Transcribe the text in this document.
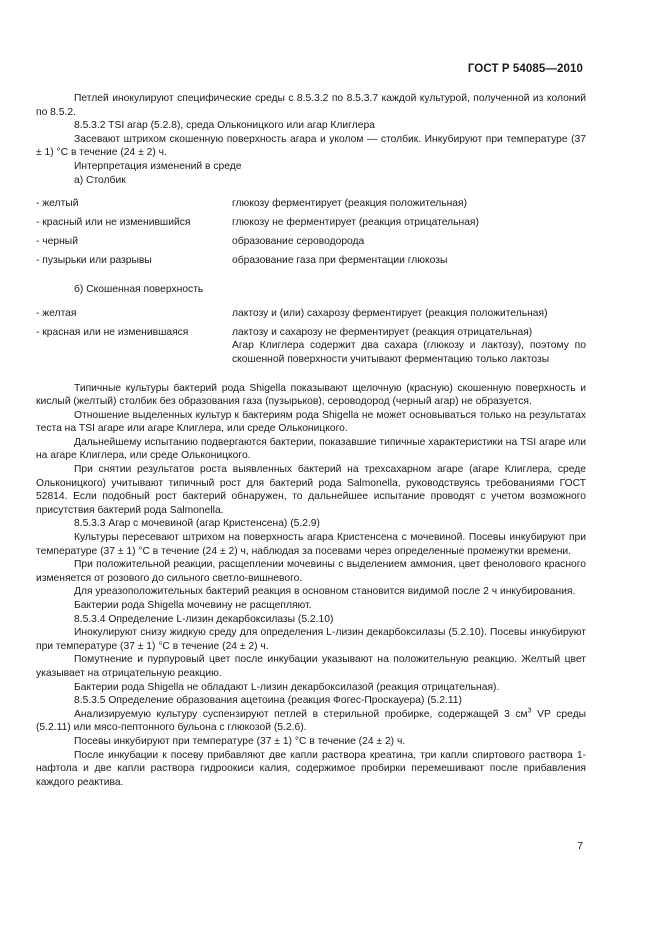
ГОСТ Р 54085—2010

Петлей инокулируют специфические среды с 8.5.3.2 по 8.5.3.7 каждой культурой, полученной из колоний по 8.5.2.

8.5.3.2 TSI агар (5.2.8), среда Ольконицкого или агар Клиглера

Засевают штрихом скошенную поверхность агара и уколом — столбик. Инкубируют при температуре (37 ± 1) °C в течение (24 ± 2) ч.

Интерпретация изменений в среде

а) Столбик

- желтый	глюкозу ферментирует (реакция положительная)
- красный или не изменившийся	глюкозу не ферментирует (реакция отрицательная)
- черный	образование сероводорода
- пузырьки или разрывы	образование газа при ферментации глюкозы

б) Скошенная поверхность

- желтая	лактозу и (или) сахарозу ферментирует (реакция положительная)
- красная или не изменившаяся	лактозу и сахарозу не ферментирует (реакция отрицательная)
Агар Клиглера содержит два сахара (глюкозу и лактозу), поэтому по скошенной поверхности учитывают ферментацию только лактозы

Типичные культуры бактерий рода Shigella показывают щелочную (красную) скошенную поверхность и кислый (желтый) столбик без образования газа (пузырьков), сероводород (черный агар) не образуется.

Отношение выделенных культур к бактериям рода Shigella не может основываться только на результатах теста на TSI агаре или агаре Клиглера, или среде Ольконицкого.

Дальнейшему испытанию подвергаются бактерии, показавшие типичные характеристики на TSI агаре или на агаре Клиглера, или среде Ольконицкого.

При снятии результатов роста выявленных бактерий на трехсахарном агаре (агаре Клиглера, среде Ольконицкого) учитывают типичный рост для бактерий рода Salmonella, руководствуясь требованиями ГОСТ 52814. Если подобный рост бактерий обнаружен, то дальнейшее испытание проводят с учетом возможного присутствия бактерий рода Salmonella.

8.5.3.3 Агар с мочевиной (агар Кристенсена) (5.2.9)

Культуры пересевают штрихом на поверхность агара Кристенсена с мочевиной. Посевы инкубируют при температуре (37 ± 1) °C в течение (24 ± 2) ч, наблюдая за посевами через определенные промежутки времени.

При положительной реакции, расщеплении мочевины с выделением аммония, цвет фенолового красного изменяется от розового до сильного светло-вишневого.

Для уреазоположительных бактерий реакция в основном становится видимой после 2 ч инкубирования.

Бактерии рода Shigella мочевину не расщепляют.

8.5.3.4 Определение L-лизин декарбоксилазы (5.2.10)

Инокулируют снизу жидкую среду для определения L-лизин декарбоксилазы (5.2.10). Посевы инкубируют при температуре (37 ± 1) °C в течение (24 ± 2) ч.

Помутнение и пурпуровый цвет после инкубации указывают на положительную реакцию. Желтый цвет указывает на отрицательную реакцию.

Бактерии рода Shigella не обладают L-лизин декарбоксилазой (реакция отрицательная).

8.5.3.5 Определение образования ацетоина (реакция Фогес-Проскауера) (5.2.11)

Анализируемую культуру суспензируют петлей в стерильной пробирке, содержащей 3 $см^3$ VP среды (5.2.11) или мясо-пептонного бульона с глюкозой (5.2.6).

Посевы инкубируют при температуре (37 ± 1) °C в течение (24 ± 2) ч.

После инкубации к посеву прибавляют две капли раствора креатина, три капли спиртового раствора 1-нафтола и две капли раствора гидроокиси калия, содержимое пробирки перемешивают после прибавления каждого реактива.

7
